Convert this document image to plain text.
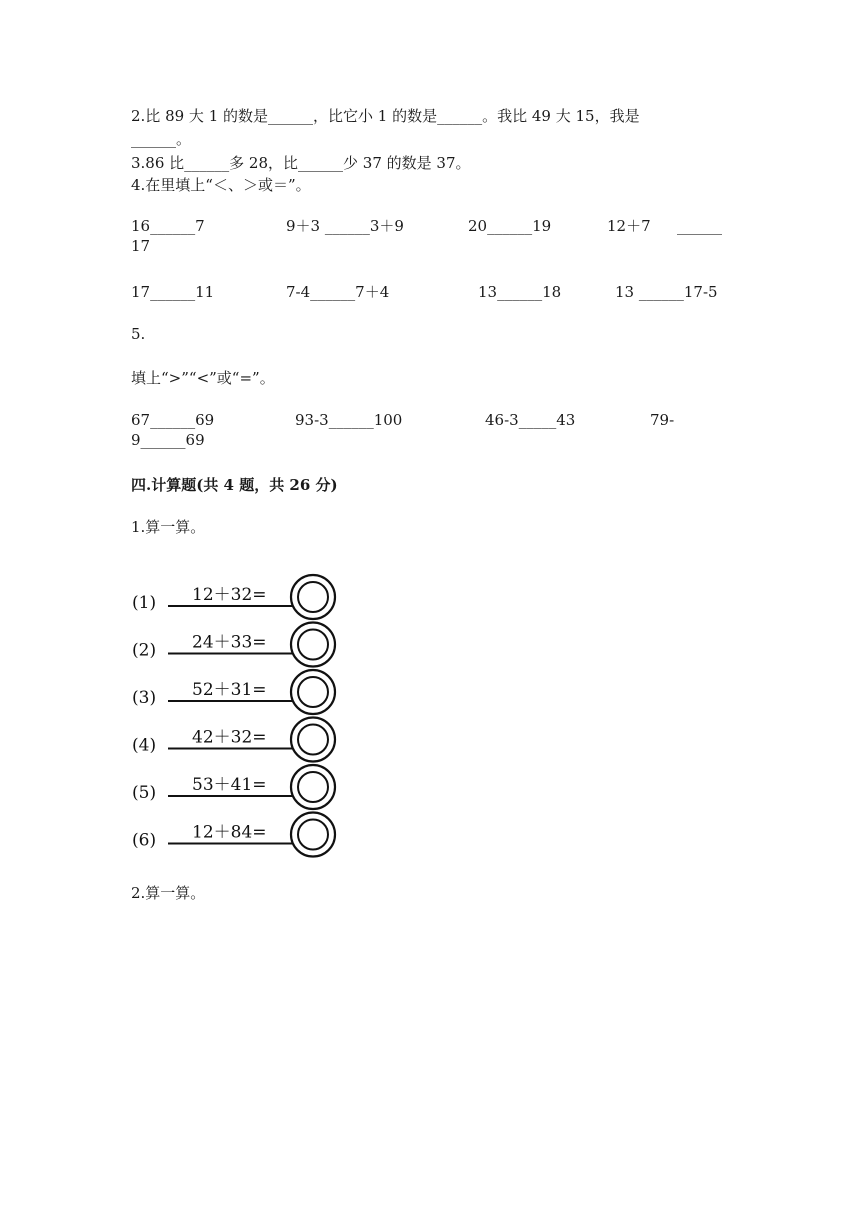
2.比 89 大 1 的数是______，比它小 1 的数是______。我比 49 大 15，我是
______。
3.86 比______多 28，比______少 37 的数是 37。
4.在里填上“＜、＞或＝”。
16______7	9＋3 ______3＋9	20______19	12＋7 ______
17
17______11	7-4______7＋4	13______18	13 ______17-5
5.
填上“>”“<”或“=”。
67______69	93-3______100	46-3_____43	79-
9______69
四.计算题(共 4 题，共 26 分)
1.算一算。
(1) 12＋32=
(2) 24＋33=
(3) 52＋31=
(4) 42＋32=
(5) 53＋41=
(6) 12＋84=
2.算一算。
